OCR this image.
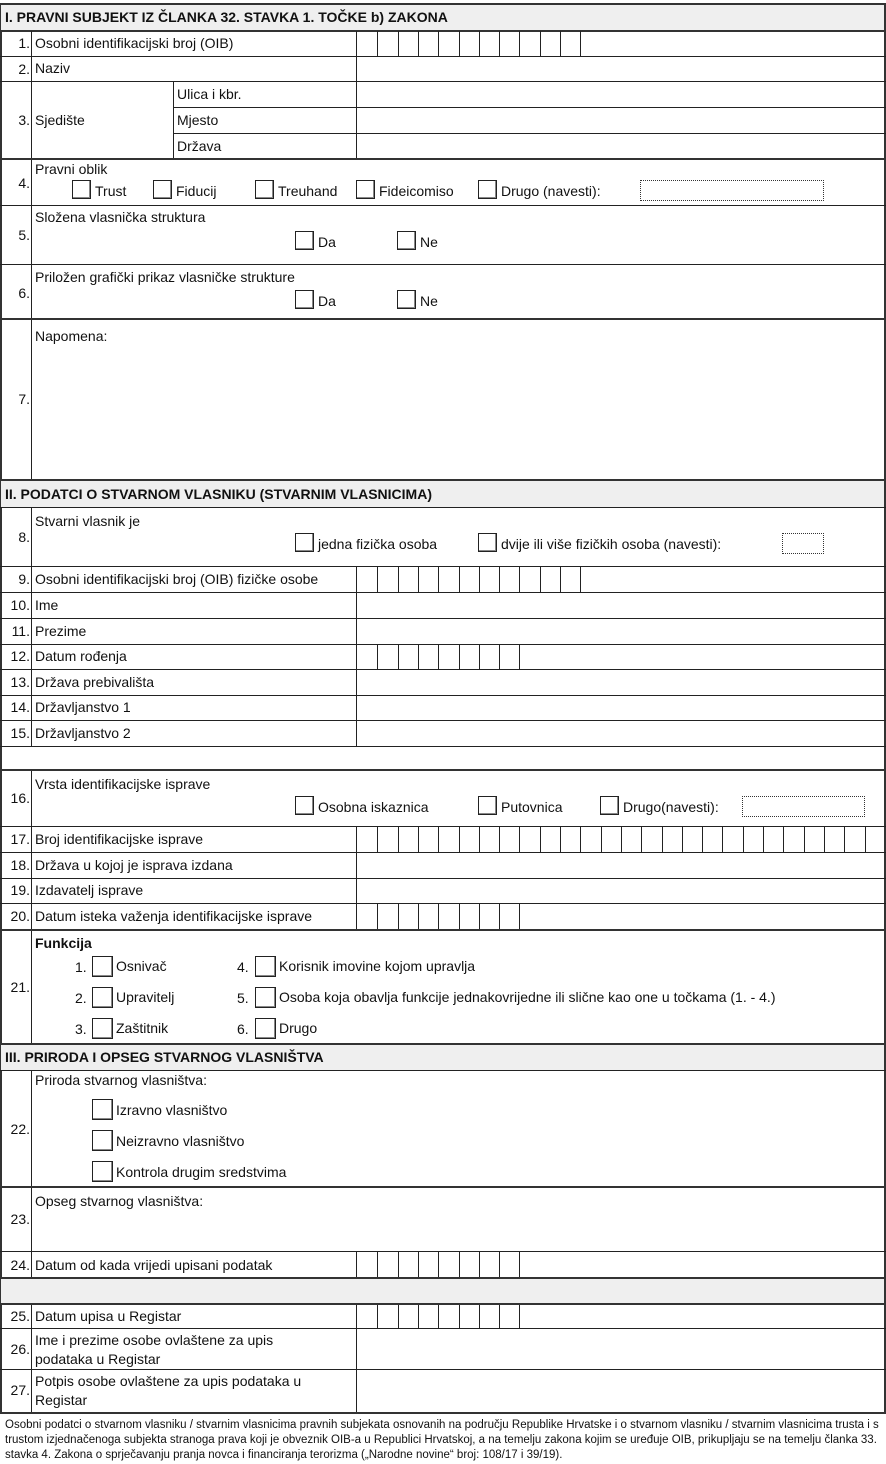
I. PRAVNI SUBJEKT IZ ČLANKA 32. STAVKA 1. TOČKE b) ZAKONA
1. Osobni identifikacijski broj (OIB)
2. Naziv
3. Sjedište
Ulica i kbr.
Mjesto
Država
4.
Pravni oblik
Trust	Fiducij	Treuhand	Fideicomiso	Drugo (navesti):
5.
Složena vlasnička struktura
Da	Ne
6.
Priložen grafički prikaz vlasničke strukture
Da	Ne
7.
Napomena:
II. PODATCI O STVARNOM VLASNIKU (STVARNIM VLASNICIMA)
8.
Stvarni vlasnik je
jedna fizička osoba	dvije ili više fizičkih osoba (navesti):
9. Osobni identifikacijski broj (OIB) fizičke osobe
10. Ime
11. Prezime
12. Datum rođenja
13. Država prebivališta
14. Državljanstvo 1
15. Državljanstvo 2
16.
Vrsta identifikacijske isprave
Osobna iskaznica	Putovnica	Drugo(navesti):
17. Broj identifikacijske isprave
18. Država u kojoj je isprava izdana
19. Izdavatelj isprave
20. Datum isteka važenja identifikacijske isprave
21.
Funkcija
1. Osnivač
2. Upravitelj
3. Zaštitnik
4. Korisnik imovine kojom upravlja
5. Osoba koja obavlja funkcije jednakovrijedne ili slične kao one u točkama (1. - 4.)
6. Drugo
III. PRIRODA I OPSEG STVARNOG VLASNIŠTVA
22.
Priroda stvarnog vlasništva:
Izravno vlasništvo
Neizravno vlasništvo
Kontrola drugim sredstvima
23.
Opseg stvarnog vlasništva:
24. Datum od kada vrijedi upisani podatak
25. Datum upisa u Registar
26.
Ime i prezime osobe ovlaštene za upis
podataka u Registar
27.
Potpis osobe ovlaštene za upis podataka u
Registar
Osobni podatci o stvarnom vlasniku / stvarnim vlasnicima pravnih subjekata osnovanih na području Republike Hrvatske i o stvarnom vlasniku / stvarnim vlasnicima trusta i s trustom izjednačenoga subjekta stranoga prava koji je obveznik OIB-a u Republici Hrvatskoj, a na temelju zakona kojim se uređuje OIB, prikupljaju se na temelju članka 33. stavka 4. Zakona o sprječavanju pranja novca i financiranja terorizma („Narodne novine“ broj: 108/17 i 39/19).
